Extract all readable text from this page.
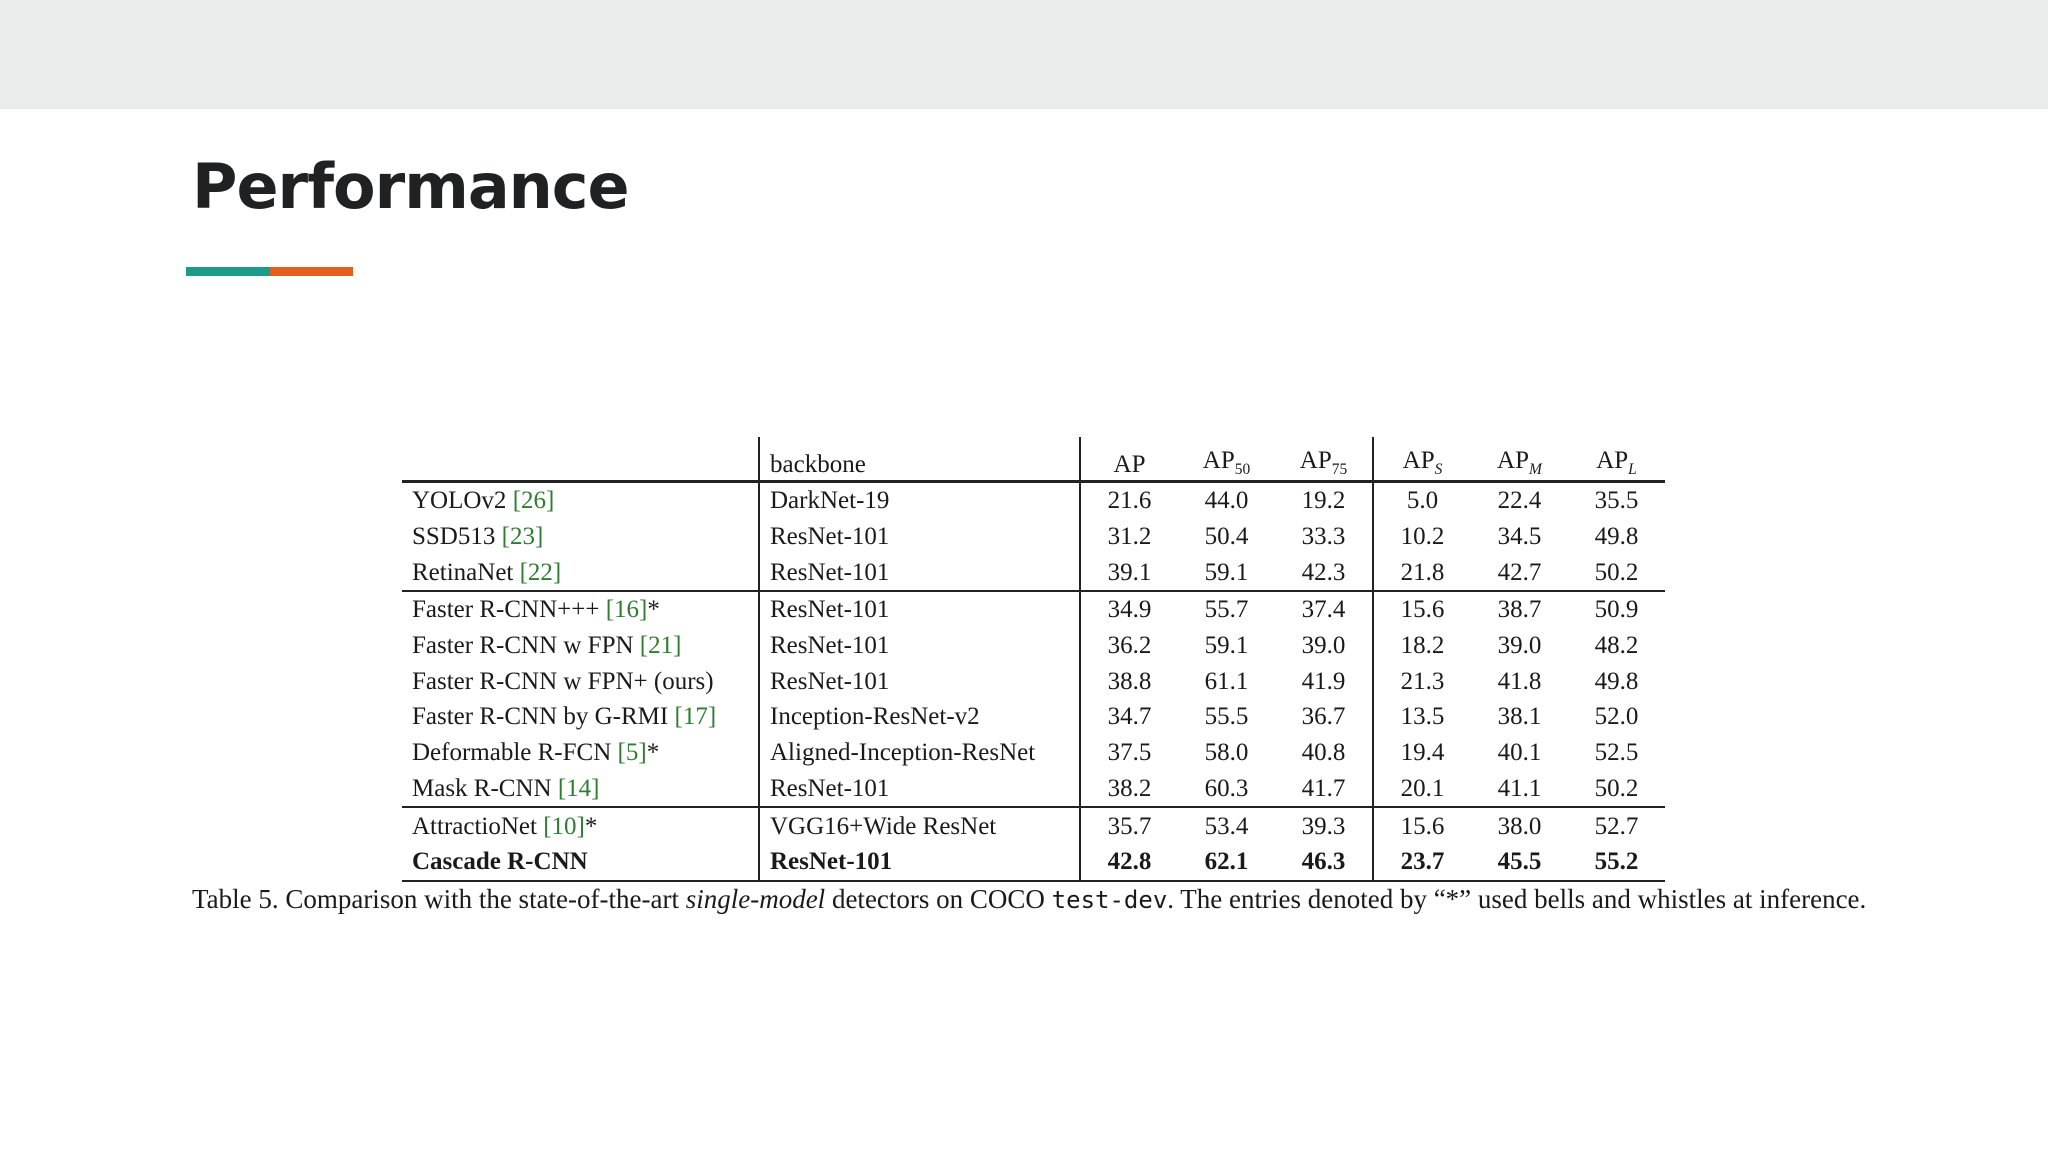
Performance
	backbone	AP	$AP_{50}$	$AP_{75}$	$AP_S$	$AP_M$	$AP_L$
YOLOv2 [26]	DarkNet-19	21.6	44.0	19.2	5.0	22.4	35.5
SSD513 [23]	ResNet-101	31.2	50.4	33.3	10.2	34.5	49.8
RetinaNet [22]	ResNet-101	39.1	59.1	42.3	21.8	42.7	50.2
Faster R-CNN+++ [16]*	ResNet-101	34.9	55.7	37.4	15.6	38.7	50.9
Faster R-CNN w FPN [21]	ResNet-101	36.2	59.1	39.0	18.2	39.0	48.2
Faster R-CNN w FPN+ (ours)	ResNet-101	38.8	61.1	41.9	21.3	41.8	49.8
Faster R-CNN by G-RMI [17]	Inception-ResNet-v2	34.7	55.5	36.7	13.5	38.1	52.0
Deformable R-FCN [5]*	Aligned-Inception-ResNet	37.5	58.0	40.8	19.4	40.1	52.5
Mask R-CNN [14]	ResNet-101	38.2	60.3	41.7	20.1	41.1	50.2
AttractioNet [10]*	VGG16+Wide ResNet	35.7	53.4	39.3	15.6	38.0	52.7
Cascade R-CNN	ResNet-101	42.8	62.1	46.3	23.7	45.5	55.2

Table 5. Comparison with the state-of-the-art single-model detectors on COCO test-dev. The entries denoted by “*” used bells and whistles at inference.
